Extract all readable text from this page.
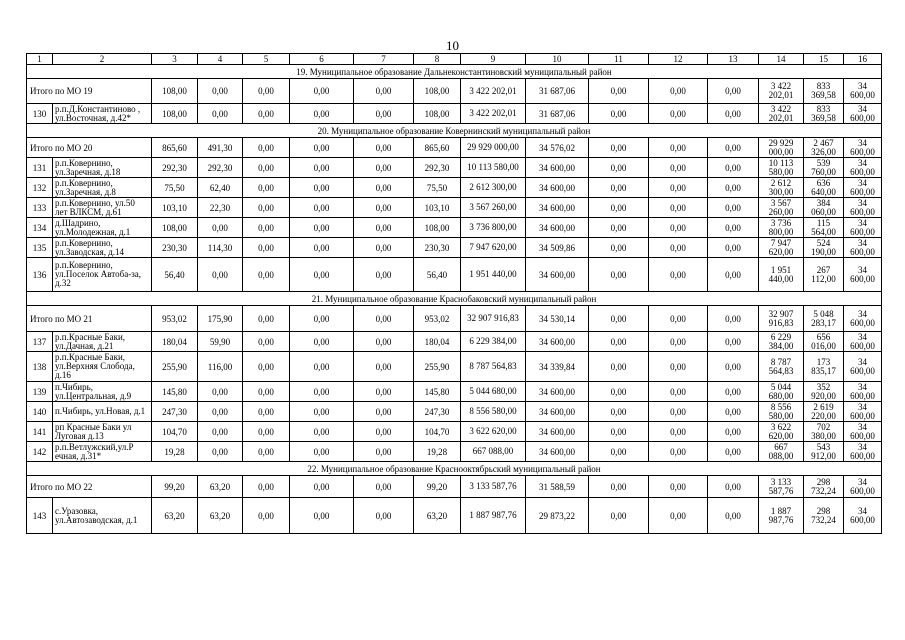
10
1	2	3	4	5	6	7	8	9	10	11	12	13	14	15	16
19. Муниципальное образование Дальнеконстантиновский муниципальный район															
Итого по МО 19		108,00	0,00	0,00	0,00	0,00	108,00	3 422 202,01	31 687,06	0,00	0,00	0,00	3 422 202,01	833 369,58	34 600,00
130	р.п.Д.Константиново , ул.Восточная, д.42*	108,00	0,00	0,00	0,00	0,00	108,00	3 422 202,01	31 687,06	0,00	0,00	0,00	3 422 202,01	833 369,58	34 600,00
20. Муниципальное образование Ковернинский муниципальный район															
Итого по МО 20		865,60	491,30	0,00	0,00	0,00	865,60	29 929 000,00	34 576,02	0,00	0,00	0,00	29 929 000,00	2 467 326,00	34 600,00
131	р.п.Ковернино, ул.Заречная, д.18	292,30	292,30	0,00	0,00	0,00	292,30	10 113 580,00	34 600,00	0,00	0,00	0,00	10 113 580,00	539 760,00	34 600,00
132	р.п.Ковернино, ул.Заречная, д.8	75,50	62,40	0,00	0,00	0,00	75,50	2 612 300,00	34 600,00	0,00	0,00	0,00	2 612 300,00	636 640,00	34 600,00
133	р.п.Ковернино, ул.50 лет ВЛКСМ, д.61	103,10	22,30	0,00	0,00	0,00	103,10	3 567 260,00	34 600,00	0,00	0,00	0,00	3 567 260,00	384 060,00	34 600,00
134	д.Шадрино, ул.Молодежная, д.1	108,00	0,00	0,00	0,00	0,00	108,00	3 736 800,00	34 600,00	0,00	0,00	0,00	3 736 800,00	115 564,00	34 600,00
135	р.п.Ковернино, ул.Заводская, д.14	230,30	114,30	0,00	0,00	0,00	230,30	7 947 620,00	34 509,86	0,00	0,00	0,00	7 947 620,00	524 190,00	34 600,00
136	р.п.Ковернино, ул.Поселок Автоба-за, д.32	56,40	0,00	0,00	0,00	0,00	56,40	1 951 440,00	34 600,00	0,00	0,00	0,00	1 951 440,00	267 112,00	34 600,00
21. Муниципальное образование Краснобаковский муниципальный район															
Итого по МО 21		953,02	175,90	0,00	0,00	0,00	953,02	32 907 916,83	34 530,14	0,00	0,00	0,00	32 907 916,83	5 048 283,17	34 600,00
137	р.п.Красные Баки, ул.Дачная, д.21	180,04	59,90	0,00	0,00	0,00	180,04	6 229 384,00	34 600,00	0,00	0,00	0,00	6 229 384,00	656 016,00	34 600,00
138	р.п.Красные Баки, ул.Верхняя Слобода, д.16	255,90	116,00	0,00	0,00	0,00	255,90	8 787 564,83	34 339,84	0,00	0,00	0,00	8 787 564,83	173 835,17	34 600,00
139	п.Чибирь, ул.Центральная, д.9	145,80	0,00	0,00	0,00	0,00	145,80	5 044 680,00	34 600,00	0,00	0,00	0,00	5 044 680,00	352 920,00	34 600,00
140	п.Чибирь, ул.Новая, д.1	247,30	0,00	0,00	0,00	0,00	247,30	8 556 580,00	34 600,00	0,00	0,00	0,00	8 556 580,00	2 619 220,00	34 600,00
141	рп Красные Баки ул Луговая д.13	104,70	0,00	0,00	0,00	0,00	104,70	3 622 620,00	34 600,00	0,00	0,00	0,00	3 622 620,00	702 380,00	34 600,00
142	р.п.Ветлужский,ул.Р ечная, д.31*	19,28	0,00	0,00	0,00	0,00	19,28	667 088,00	34 600,00	0,00	0,00	0,00	667 088,00	543 912,00	34 600,00
22. Муниципальное образование Краснооктябрьский муниципальный район															
Итого по МО 22		99,20	63,20	0,00	0,00	0,00	99,20	3 133 587,76	31 588,59	0,00	0,00	0,00	3 133 587,76	298 732,24	34 600,00
143	с.Уразовка, ул.Автозаводская, д.1	63,20	63,20	0,00	0,00	0,00	63,20	1 887 987,76	29 873,22	0,00	0,00	0,00	1 887 987,76	298 732,24	34 600,00
